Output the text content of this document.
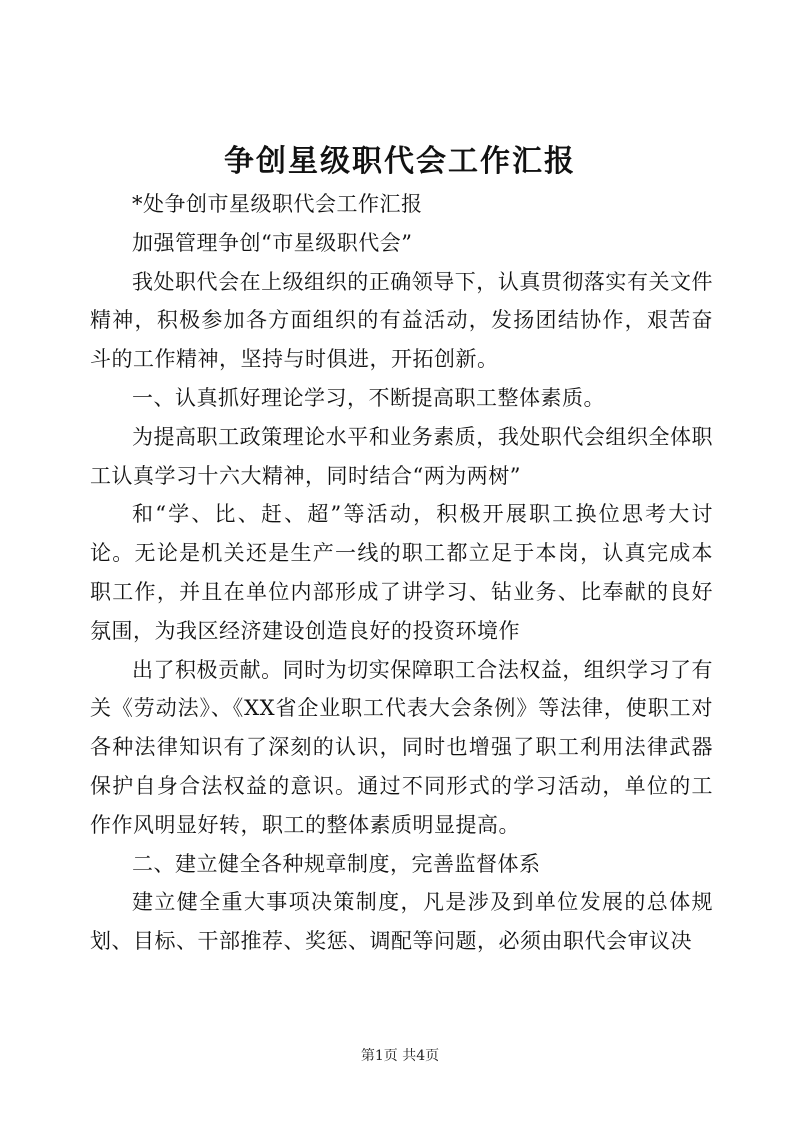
争创星级职代会工作汇报

*处争创市星级职代会工作汇报

加强管理争创“市星级职代会”

我处职代会在上级组织的正确领导下，认真贯彻落实有关文件精神，积极参加各方面组织的有益活动，发扬团结协作，艰苦奋斗的工作精神，坚持与时俱进，开拓创新。

一、认真抓好理论学习，不断提高职工整体素质。

为提高职工政策理论水平和业务素质，我处职代会组织全体职工认真学习十六大精神，同时结合“两为两树”

和“学、比、赶、超”等活动，积极开展职工换位思考大讨论。无论是机关还是生产一线的职工都立足于本岗，认真完成本职工作，并且在单位内部形成了讲学习、钻业务、比奉献的良好氛围，为我区经济建设创造良好的投资环境作

出了积极贡献。同时为切实保障职工合法权益，组织学习了有关《劳动法》、《XX省企业职工代表大会条例》等法律，使职工对各种法律知识有了深刻的认识，同时也增强了职工利用法律武器保护自身合法权益的意识。通过不同形式的学习活动，单位的工作作风明显好转，职工的整体素质明显提高。

二、建立健全各种规章制度，完善监督体系

建立健全重大事项决策制度，凡是涉及到单位发展的总体规划、目标、干部推荐、奖惩、调配等问题，必须由职代会审议决

第1页 共4页
